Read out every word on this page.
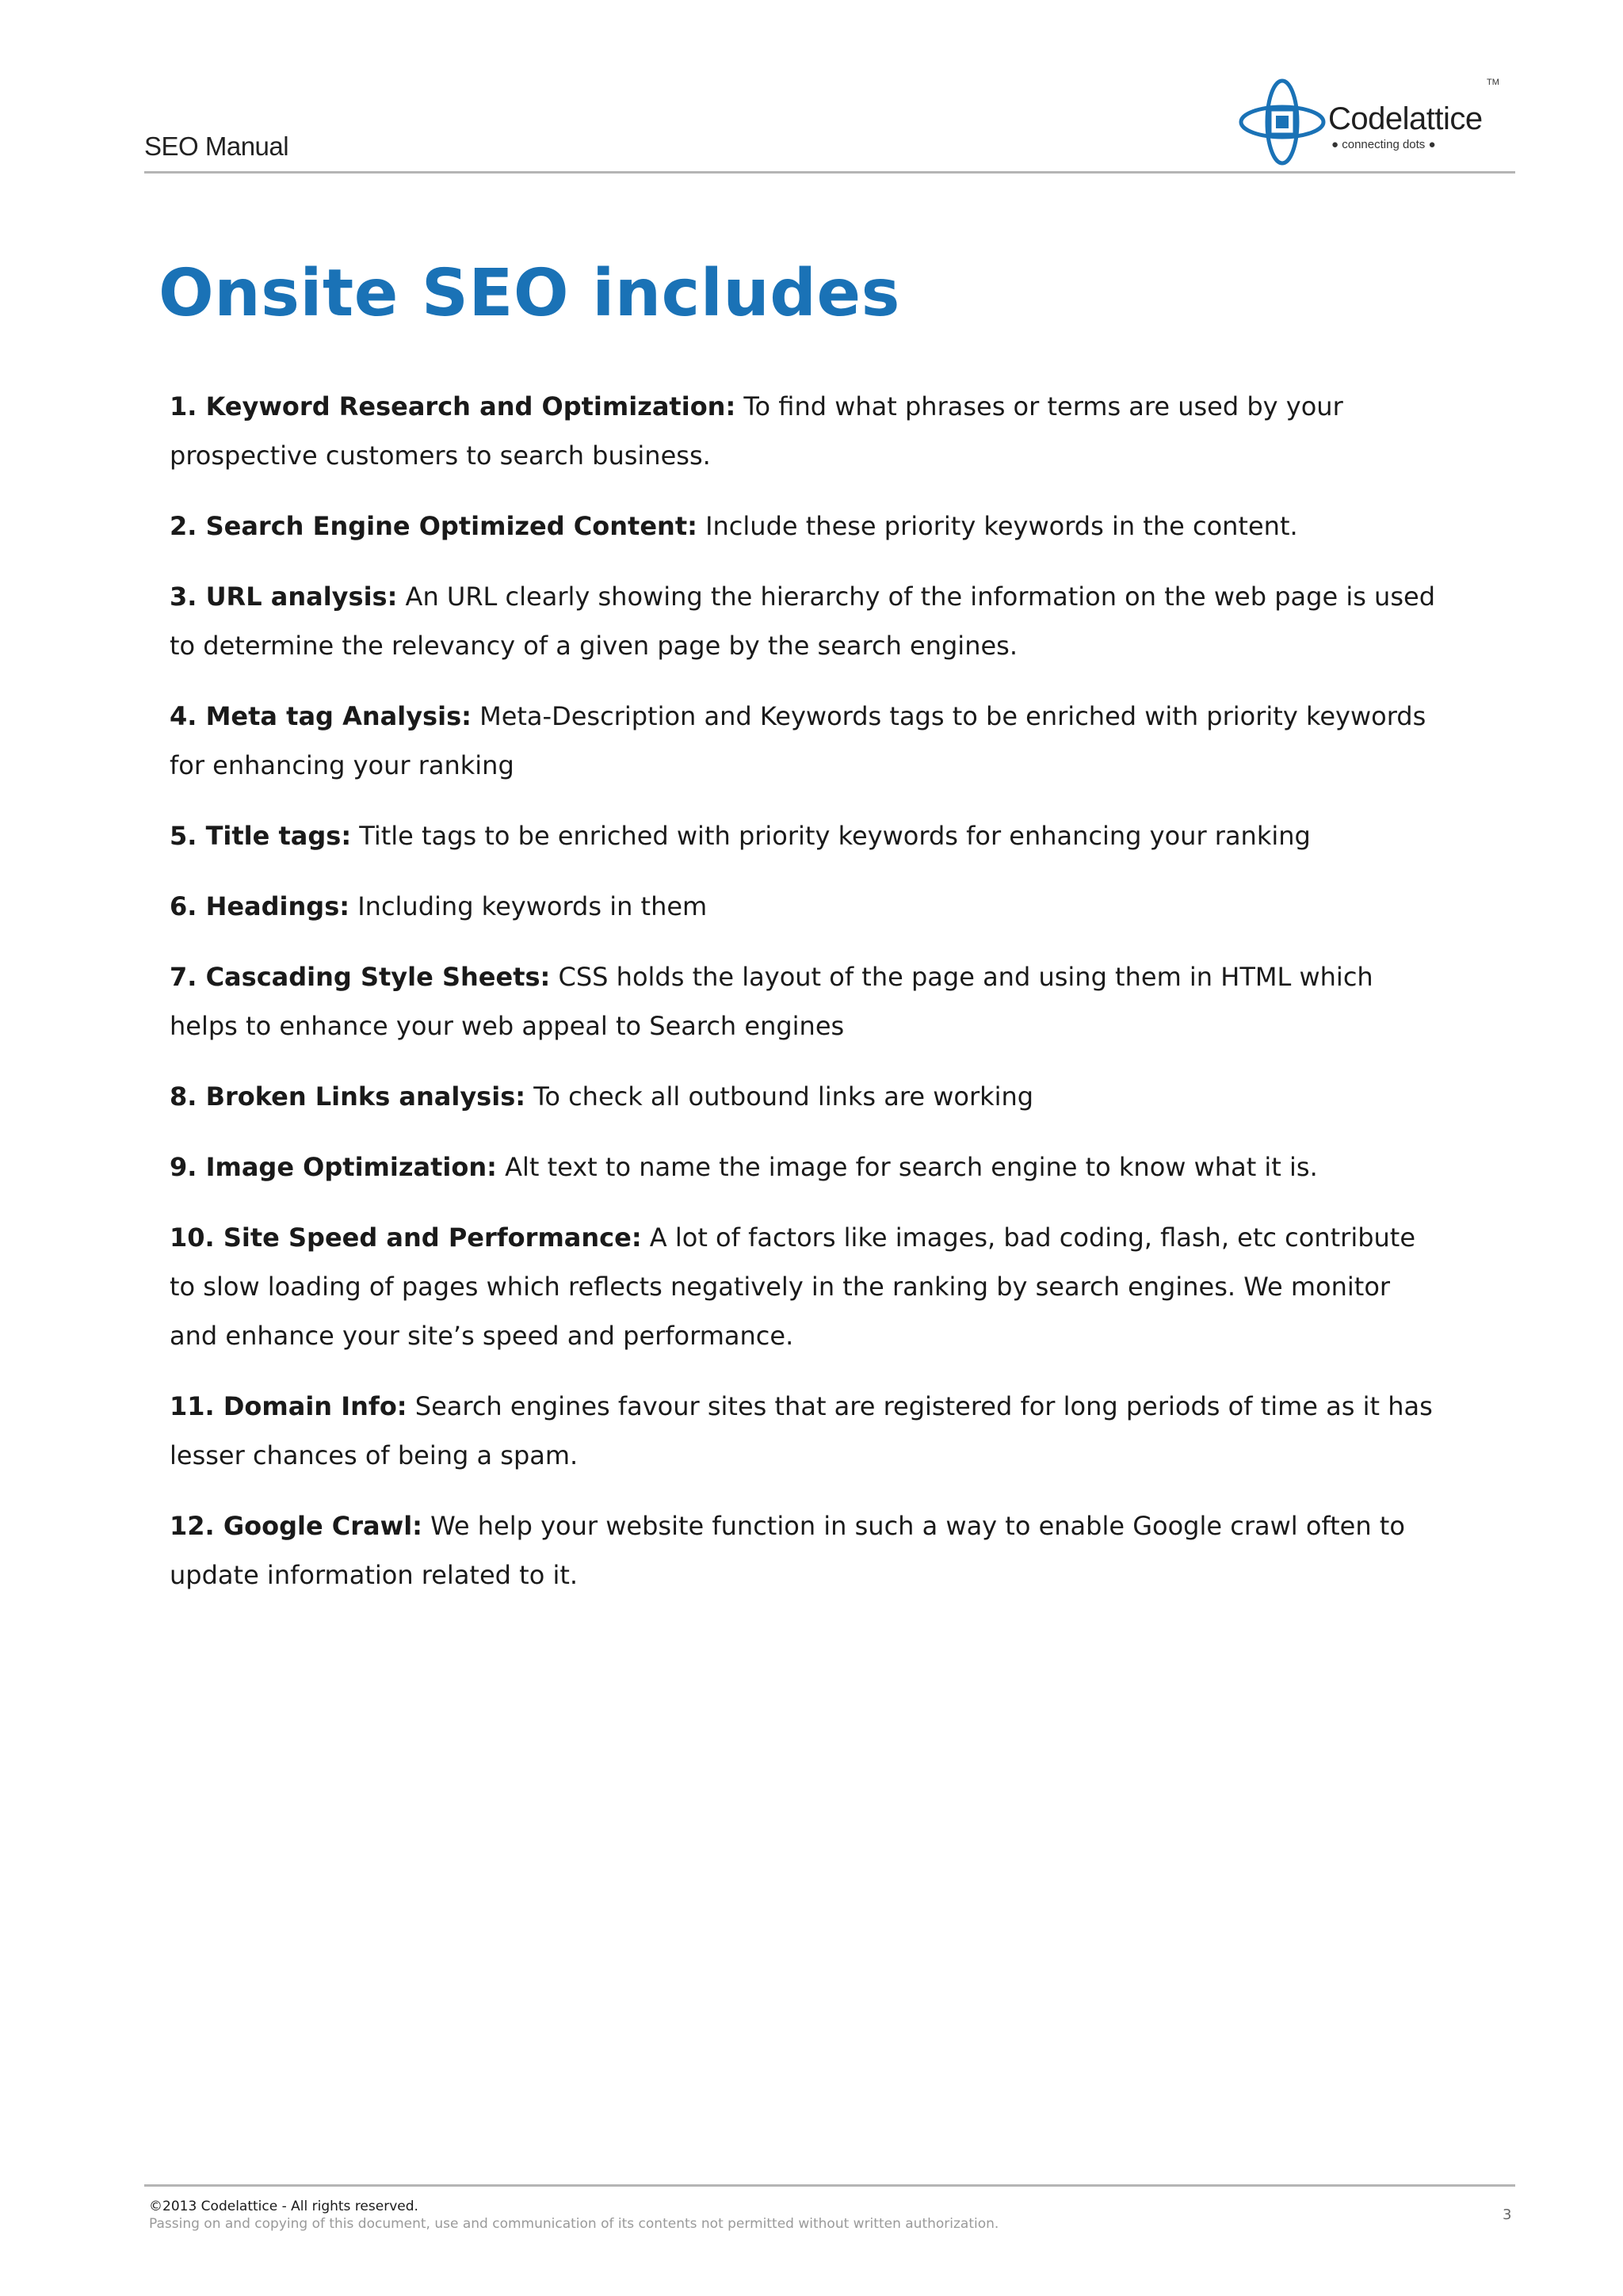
SEO Manual
Codelattice
● connecting dots ●
TM
Onsite SEO includes

1. Keyword Research and Optimization: To find what phrases or terms are used by your prospective customers to search business.

2. Search Engine Optimized Content: Include these priority keywords in the content.

3. URL analysis: An URL clearly showing the hierarchy of the information on the web page is used to determine the relevancy of a given page by the search engines.

4. Meta tag Analysis: Meta-Description and Keywords tags to be enriched with priority keywords for enhancing your ranking

5. Title tags: Title tags to be enriched with priority keywords for enhancing your ranking

6. Headings: Including keywords in them

7. Cascading Style Sheets: CSS holds the layout of the page and using them in HTML which helps to enhance your web appeal to Search engines

8. Broken Links analysis: To check all outbound links are working

9. Image Optimization: Alt text to name the image for search engine to know what it is.

10. Site Speed and Performance: A lot of factors like images, bad coding, flash, etc contribute to slow loading of pages which reflects negatively in the ranking by search engines. We monitor and enhance your site’s speed and performance.

11. Domain Info: Search engines favour sites that are registered for long periods of time as it has lesser chances of being a spam.

12. Google Crawl: We help your website function in such a way to enable Google crawl often to update information related to it.

©2013 Codelattice - All rights reserved.
Passing on and copying of this document, use and communication of its contents not permitted without written authorization.
3
